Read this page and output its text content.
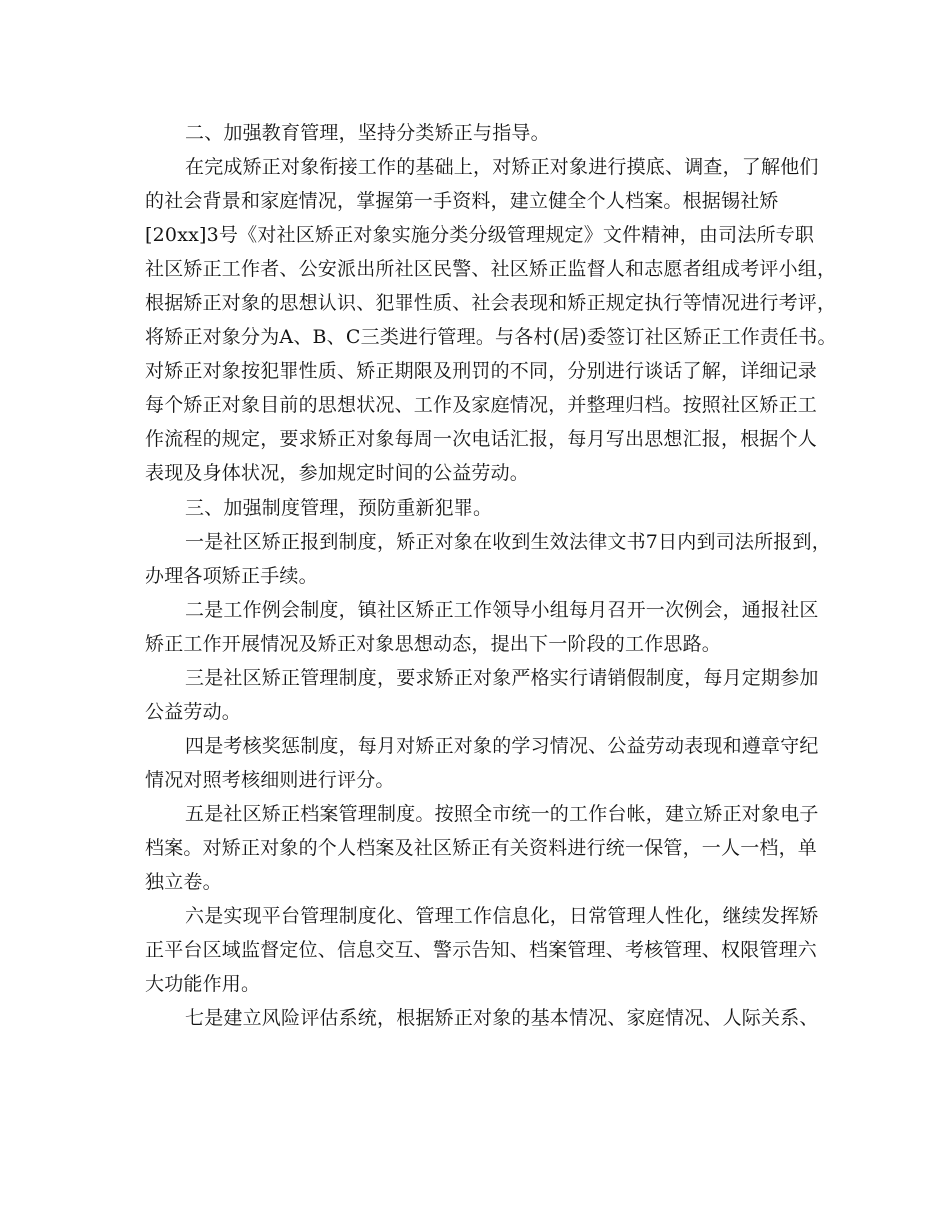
二、加强教育管理，坚持分类矫正与指导。
在完成矫正对象衔接工作的基础上，对矫正对象进行摸底、调查，了解他们
的社会背景和家庭情况，掌握第一手资料，建立健全个人档案。根据锡社矫
[20xx]3号《对社区矫正对象实施分类分级管理规定》文件精神，由司法所专职
社区矫正工作者、公安派出所社区民警、社区矫正监督人和志愿者组成考评小组，
根据矫正对象的思想认识、犯罪性质、社会表现和矫正规定执行等情况进行考评，
将矫正对象分为A、B、C三类进行管理。与各村(居)委签订社区矫正工作责任书。
对矫正对象按犯罪性质、矫正期限及刑罚的不同，分别进行谈话了解，详细记录
每个矫正对象目前的思想状况、工作及家庭情况，并整理归档。按照社区矫正工
作流程的规定，要求矫正对象每周一次电话汇报，每月写出思想汇报，根据个人
表现及身体状况，参加规定时间的公益劳动。
三、加强制度管理，预防重新犯罪。
一是社区矫正报到制度，矫正对象在收到生效法律文书7日内到司法所报到，
办理各项矫正手续。
二是工作例会制度，镇社区矫正工作领导小组每月召开一次例会，通报社区
矫正工作开展情况及矫正对象思想动态，提出下一阶段的工作思路。
三是社区矫正管理制度，要求矫正对象严格实行请销假制度，每月定期参加
公益劳动。
四是考核奖惩制度，每月对矫正对象的学习情况、公益劳动表现和遵章守纪
情况对照考核细则进行评分。
五是社区矫正档案管理制度。按照全市统一的工作台帐，建立矫正对象电子
档案。对矫正对象的个人档案及社区矫正有关资料进行统一保管，一人一档，单
独立卷。
六是实现平台管理制度化、管理工作信息化，日常管理人性化，继续发挥矫
正平台区域监督定位、信息交互、警示告知、档案管理、考核管理、权限管理六
大功能作用。
七是建立风险评估系统，根据矫正对象的基本情况、家庭情况、人际关系、
